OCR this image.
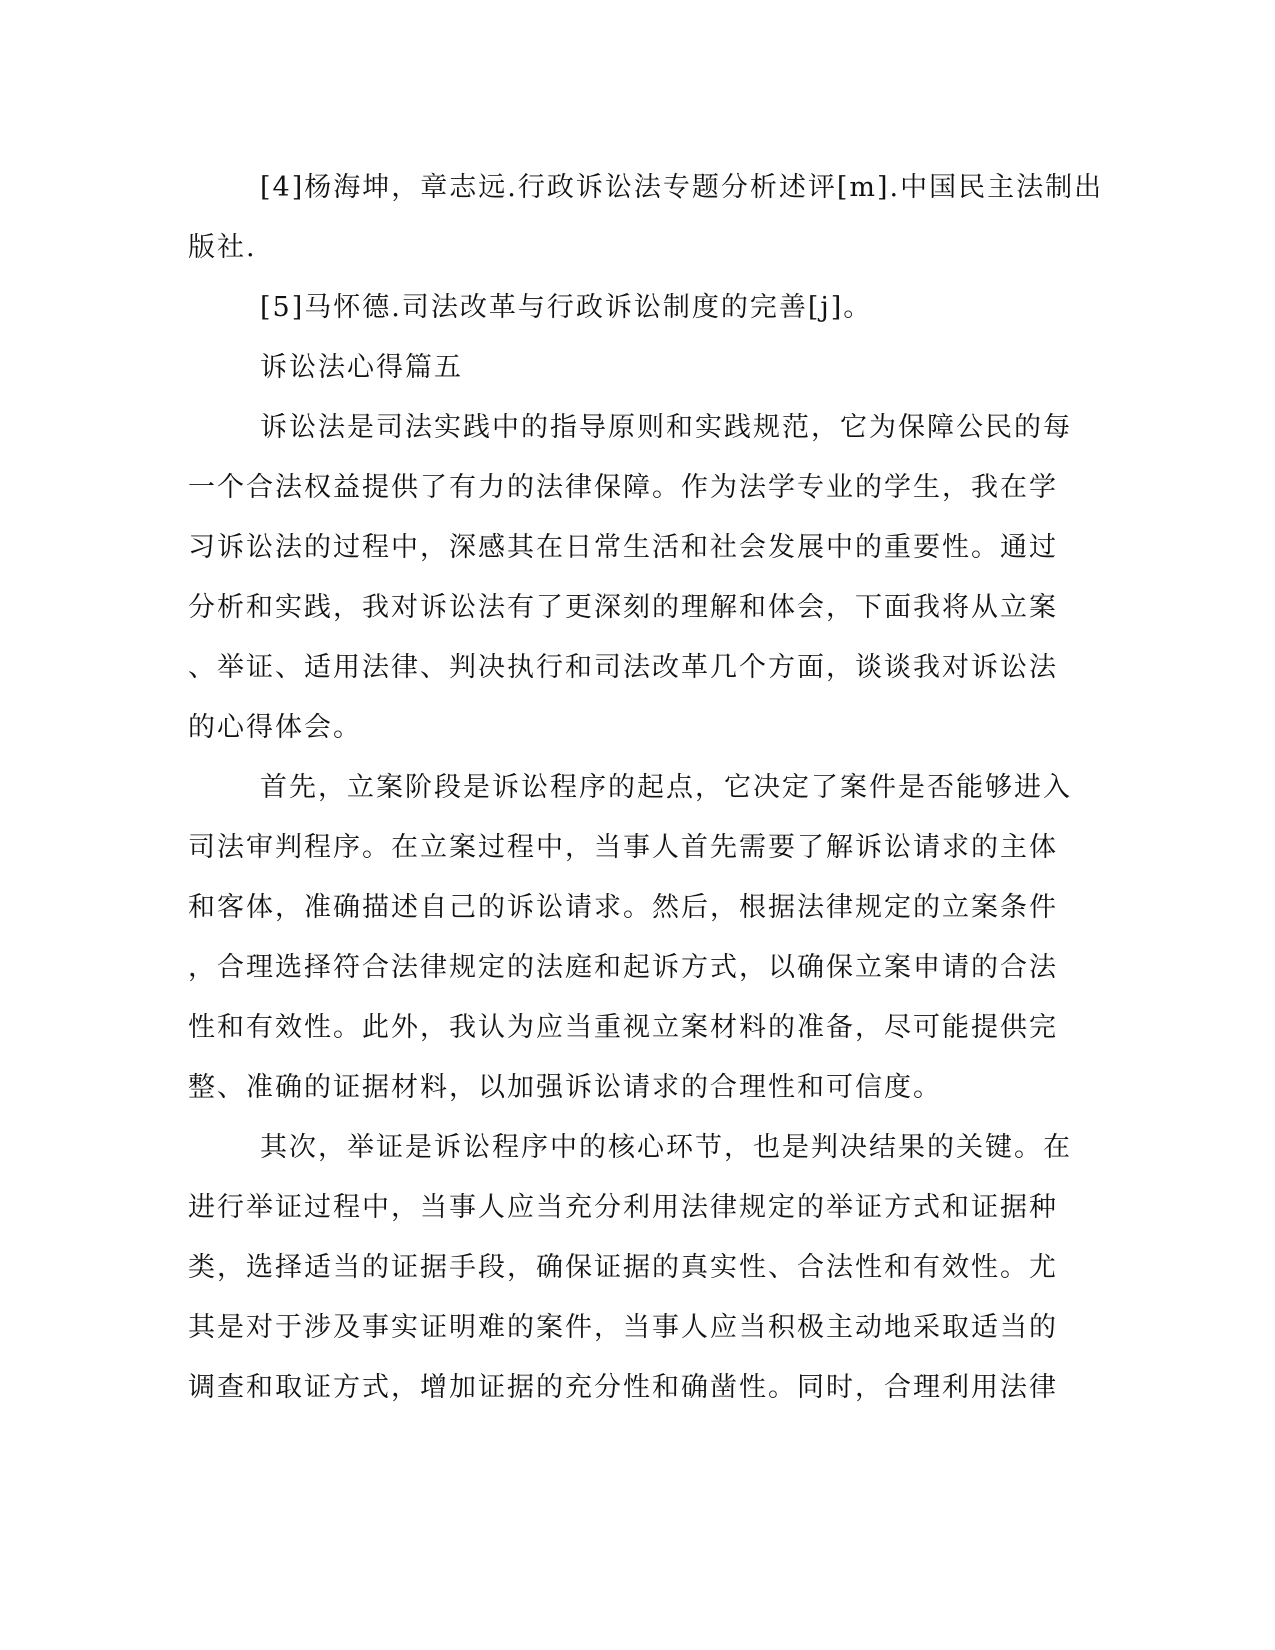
[4]杨海坤，章志远.行政诉讼法专题分析述评[m].中国民主法制出
版社.
[5]马怀德.司法改革与行政诉讼制度的完善[j]。
诉讼法心得篇五
诉讼法是司法实践中的指导原则和实践规范，它为保障公民的每
一个合法权益提供了有力的法律保障。作为法学专业的学生，我在学
习诉讼法的过程中，深感其在日常生活和社会发展中的重要性。通过
分析和实践，我对诉讼法有了更深刻的理解和体会，下面我将从立案
、举证、适用法律、判决执行和司法改革几个方面，谈谈我对诉讼法
的心得体会。
首先，立案阶段是诉讼程序的起点，它决定了案件是否能够进入
司法审判程序。在立案过程中，当事人首先需要了解诉讼请求的主体
和客体，准确描述自己的诉讼请求。然后，根据法律规定的立案条件
，合理选择符合法律规定的法庭和起诉方式，以确保立案申请的合法
性和有效性。此外，我认为应当重视立案材料的准备，尽可能提供完
整、准确的证据材料，以加强诉讼请求的合理性和可信度。
其次，举证是诉讼程序中的核心环节，也是判决结果的关键。在
进行举证过程中，当事人应当充分利用法律规定的举证方式和证据种
类，选择适当的证据手段，确保证据的真实性、合法性和有效性。尤
其是对于涉及事实证明难的案件，当事人应当积极主动地采取适当的
调查和取证方式，增加证据的充分性和确凿性。同时，合理利用法律
